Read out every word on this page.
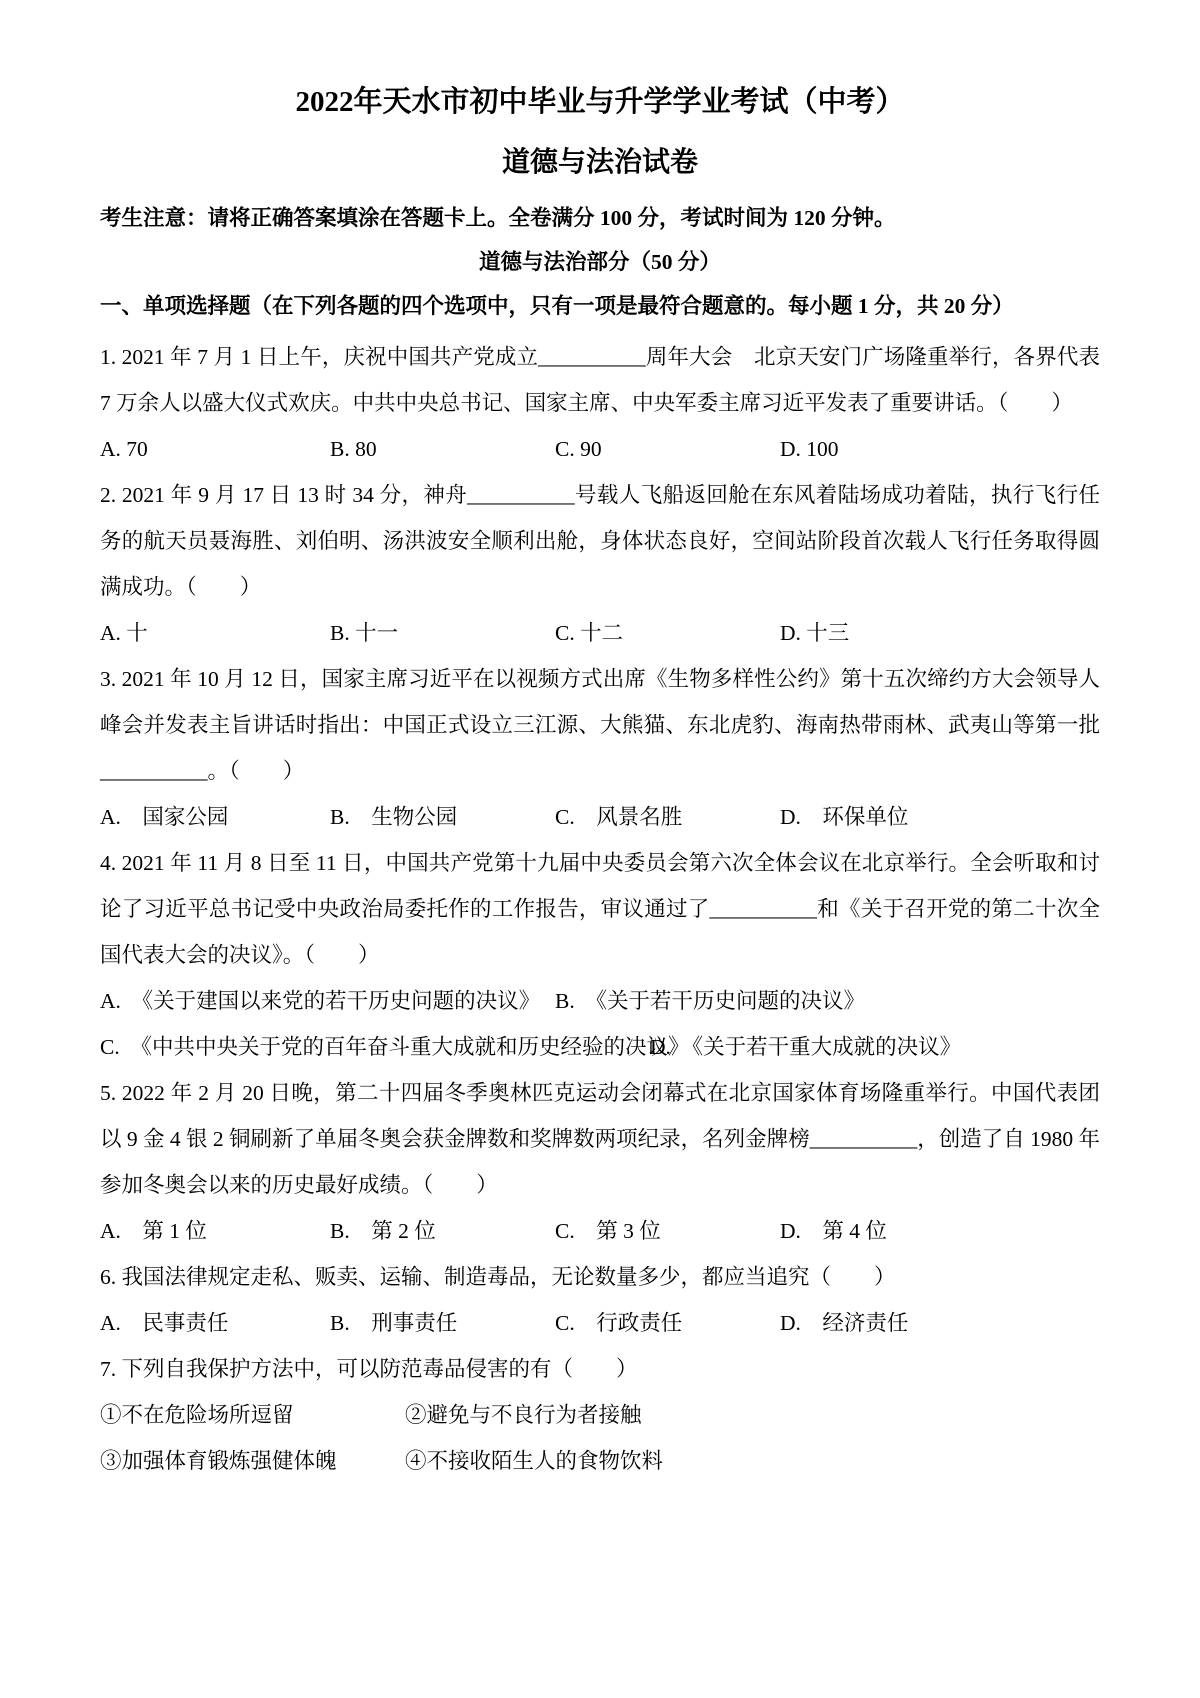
2022年天水市初中毕业与升学学业考试（中考）
道德与法治试卷

考生注意：请将正确答案填涂在答题卡上。全卷满分 100 分，考试时间为 120 分钟。

道德与法治部分（50 分）

一、单项选择题（在下列各题的四个选项中，只有一项是最符合题意的。每小题 1 分，共 20 分）

1. 2021 年 7 月 1 日上午，庆祝中国共产党成立__________周年大会　北京天安门广场隆重举行，各界代表 7 万余人以盛大仪式欢庆。中共中央总书记、国家主席、中央军委主席习近平发表了重要讲话。（　　）

A. 70	B. 80	C. 90	D. 100

2. 2021 年 9 月 17 日 13 时 34 分，神舟__________号载人飞船返回舱在东风着陆场成功着陆，执行飞行任务的航天员聂海胜、刘伯明、汤洪波安全顺利出舱，身体状态良好，空间站阶段首次载人飞行任务取得圆满成功。（　　）

A. 十	B. 十一	C. 十二	D. 十三

3. 2021 年 10 月 12 日，国家主席习近平在以视频方式出席《生物多样性公约》第十五次缔约方大会领导人峰会并发表主旨讲话时指出：中国正式设立三江源、大熊猫、东北虎豹、海南热带雨林、武夷山等第一批__________。（　　）

A.　国家公园	B.　生物公园	C.　风景名胜	D.　环保单位

4. 2021 年 11 月 8 日至 11 日，中国共产党第十九届中央委员会第六次全体会议在北京举行。全会听取和讨论了习近平总书记受中央政治局委托作的工作报告，审议通过了__________和《关于召开党的第二十次全国代表大会的决议》。（　　）

A.　《关于建国以来党的若干历史问题的决议》 B.　《关于若干历史问题的决议》
C.　《中共中央关于党的百年奋斗重大成就和历史经验的决议》
D.　《关于若干重大成就的决议》

5. 2022 年 2 月 20 日晚，第二十四届冬季奥林匹克运动会闭幕式在北京国家体育场隆重举行。中国代表团以 9 金 4 银 2 铜刷新了单届冬奥会获金牌数和奖牌数两项纪录，名列金牌榜__________，创造了自 1980 年参加冬奥会以来的历史最好成绩。（　　）

A.　第 1 位	B.　第 2 位	C.　第 3 位	D.　第 4 位

6. 我国法律规定走私、贩卖、运输、制造毒品，无论数量多少，都应当追究（　　）

A.　民事责任	B.　刑事责任	C.　行政责任	D.　经济责任

7. 下列自我保护方法中，可以防范毒品侵害的有（　　）

①不在危险场所逗留	②避免与不良行为者接触
③加强体育锻炼强健体魄	④不接收陌生人的食物饮料
